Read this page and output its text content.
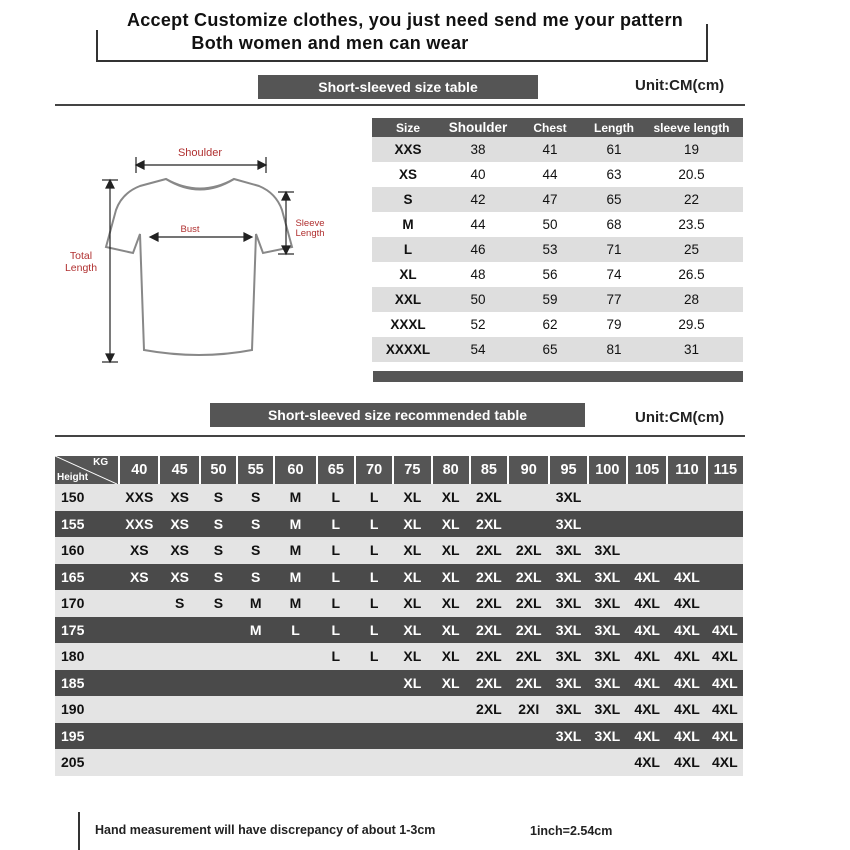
Accept Customize clothes, you just need send me your pattern
Both women and men can wear
Short-sleeved size table	Unit:CM(cm)
Shoulder
Bust
Sleeve
Length
Total
Length
Size	Shoulder	Chest	Length	sleeve length
XXS	38	41	61	19
XS	40	44	63	20.5
S	42	47	65	22
M	44	50	68	23.5
L	46	53	71	25
XL	48	56	74	26.5
XXL	50	59	77	28
XXXL	52	62	79	29.5
XXXXL	54	65	81	31
Short-sleeved size recommended table	Unit:CM(cm)
KG
Height	40	45	50	55	60	65	70	75	80	85	90	95	100	105	110	115
150	XXS	XS	S	S	M	L	L	XL	XL	2XL		3XL				
155	XXS	XS	S	S	M	L	L	XL	XL	2XL		3XL				
160	XS	XS	S	S	M	L	L	XL	XL	2XL	2XL	3XL	3XL			
165	XS	XS	S	S	M	L	L	XL	XL	2XL	2XL	3XL	3XL	4XL	4XL	
170		S	S	M	M	L	L	XL	XL	2XL	2XL	3XL	3XL	4XL	4XL	
175				M	L	L	L	XL	XL	2XL	2XL	3XL	3XL	4XL	4XL	4XL
180						L	L	XL	XL	2XL	2XL	3XL	3XL	4XL	4XL	4XL
185								XL	XL	2XL	2XL	3XL	3XL	4XL	4XL	4XL
190										2XL	2XI	3XL	3XL	4XL	4XL	4XL
195												3XL	3XL	4XL	4XL	4XL
205														4XL	4XL	4XL
Hand measurement will have discrepancy of about 1-3cm	1inch=2.54cm
